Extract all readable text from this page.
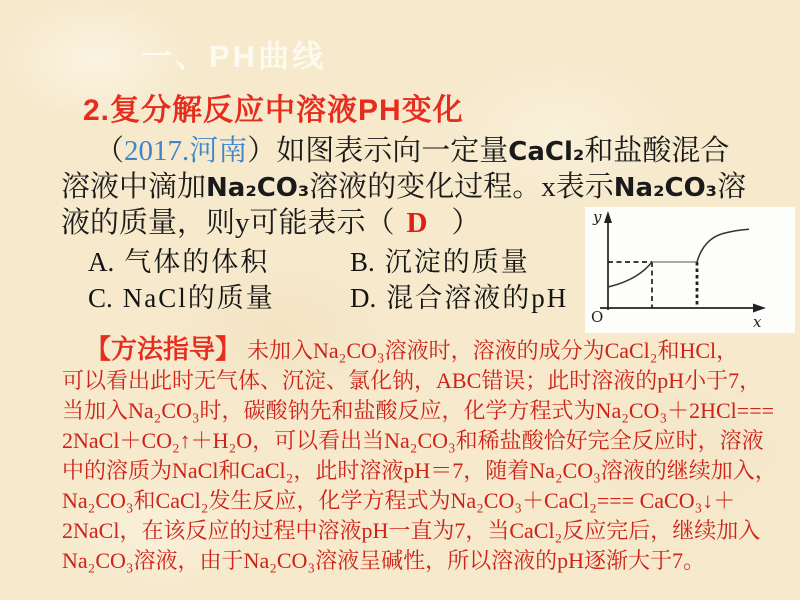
一、PH曲线
2.复分解反应中溶液PH变化
（2017.河南）如图表示向一定量CaCl₂和盐酸混合
溶液中滴加Na₂CO₃溶液的变化过程。x表示Na₂CO₃溶
液的质量，则y可能表示（ D ）
A. 气体的体积	B. 沉淀的质量
C. NaCl的质量	D. 混合溶液的pH
y
x
O
【方法指导】 未加入Na₂CO₃溶液时，溶液的成分为CaCl₂和HCl，
可以看出此时无气体、沉淀、氯化钠，ABC错误；此时溶液的pH小于7，
当加入Na₂CO₃时，碳酸钠先和盐酸反应，化学方程式为Na₂CO₃＋2HCl===
2NaCl＋CO₂↑＋H₂O，可以看出当Na₂CO₃和稀盐酸恰好完全反应时，溶液
中的溶质为NaCl和CaCl₂，此时溶液pH＝7，随着Na₂CO₃溶液的继续加入，
Na₂CO₃和CaCl₂发生反应，化学方程式为Na₂CO₃＋CaCl₂=== CaCO₃↓＋
2NaCl，在该反应的过程中溶液pH一直为7，当CaCl₂反应完后，继续加入
Na₂CO₃溶液，由于Na₂CO₃溶液呈碱性，所以溶液的pH逐渐大于7。
